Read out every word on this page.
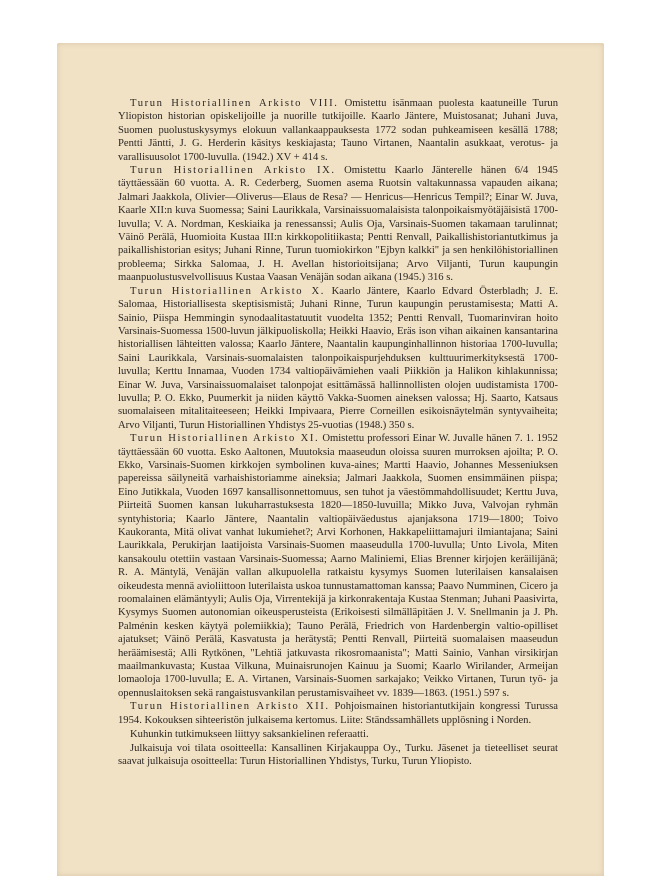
Turun Historiallinen Arkisto VIII. Omistettu isänmaan puolesta kaatuneille Turun Yliopiston historian opiskelijoille ja nuorille tutkijoille. Kaarlo Jäntere, Muistosanat; Juhani Juva, Suomen puolustuskysymys elokuun vallankaappauksesta 1772 sodan puhkeamiseen kesällä 1788; Pentti Jäntti, J. G. Herderin käsitys keskiajasta; Tauno Virtanen, Naantalin asukkaat, verotus- ja varallisuusolot 1700-luvulla. (1942.) XV + 414 s.

Turun Historiallinen Arkisto IX. Omistettu Kaarlo Jänterelle hänen 6/4 1945 täyttäessään 60 vuotta. A. R. Cederberg, Suomen asema Ruotsin valtakunnassa vapauden aikana; Jalmari Jaakkola, Olivier—Oliverus—Elaus de Resa? — Henricus—Henricus Tempil?; Einar W. Juva, Kaarle XII:n kuva Suomessa; Saini Laurikkala, Varsinaissuomalaisista talonpoikaismyötäjäisistä 1700-luvulla; V. A. Nordman, Keskiaika ja renessanssi; Aulis Oja, Varsinais-Suomen takamaan tarulinnat; Väinö Perälä, Huomioita Kustaa III:n kirkkopolitiikasta; Pentti Renvall, Paikallishistoriantutkimus ja paikallishistorian esitys; Juhani Rinne, Turun tuomiokirkon "Ejbyn kalkki" ja sen henkilöhistoriallinen probleema; Sirkka Salomaa, J. H. Avellan historioitsijana; Arvo Viljanti, Turun kaupungin maanpuolustusvelvollisuus Kustaa Vaasan Venäjän sodan aikana (1945.) 316 s.

Turun Historiallinen Arkisto X. Kaarlo Jäntere, Kaarlo Edvard Österbladh; J. E. Salomaa, Historiallisesta skeptisismistä; Juhani Rinne, Turun kaupungin perustamisesta; Matti A. Sainio, Piispa Hemmingin synodaalitastatuutit vuodelta 1352; Pentti Renvall, Tuomarinviran hoito Varsinais-Suomessa 1500-luvun jälkipuoliskolla; Heikki Haavio, Eräs ison vihan aikainen kansantarina historiallisen lähteitten valossa; Kaarlo Jäntere, Naantalin kaupunginhallinnon historiaa 1700-luvulla; Saini Laurikkala, Varsinais-suomalaisten talonpoikaispurjehduksen kulttuurimerkityksestä 1700-luvulla; Kerttu Innamaa, Vuoden 1734 valtiopäivämiehen vaali Piikkiön ja Halikon kihlakunnissa; Einar W. Juva, Varsinaissuomalaiset talonpojat esittämässä hallinnollisten olojen uudistamista 1700-luvulla; P. O. Ekko, Puumerkit ja niiden käyttö Vakka-Suomen aineksen valossa; Hj. Saarto, Katsaus suomalaiseen mitalitaiteeseen; Heikki Impivaara, Pierre Corneillen esikoisnäytelmän syntyvaiheita; Arvo Viljanti, Turun Historiallinen Yhdistys 25-vuotias (1948.) 350 s.

Turun Historiallinen Arkisto XI. Omistettu professori Einar W. Juvalle hänen 7. 1. 1952 täyttäessään 60 vuotta. Esko Aaltonen, Muutoksia maaseudun oloissa suuren murroksen ajoilta; P. O. Ekko, Varsinais-Suomen kirkkojen symbolinen kuva-aines; Martti Haavio, Johannes Messeniuksen papereissa säilyneitä varhaishistoriamme aineksia; Jalmari Jaakkola, Suomen ensimmäinen piispa; Eino Jutikkala, Vuoden 1697 kansallisonnettomuus, sen tuhot ja väestömmahdollisuudet; Kerttu Juva, Piirteitä Suomen kansan lukuharrastuksesta 1820—1850-luvuilla; Mikko Juva, Valvojan ryhmän syntyhistoria; Kaarlo Jäntere, Naantalin valtiopäiväedustus ajanjaksona 1719—1800; Toivo Kaukoranta, Mitä olivat vanhat lukumiehet?; Arvi Korhonen, Hakkapeliittamajuri ilmiantajana; Saini Laurikkala, Perukirjan laatijoista Varsinais-Suomen maaseudulla 1700-luvulla; Unto Livola, Miten kansakoulu otettiin vastaan Varsinais-Suomessa; Aarno Maliniemi, Elias Brenner kirjojen keräilijänä; R. A. Mäntylä, Venäjän vallan alkupuolella ratkaistu kysymys Suomen luterilaisen kansalaisen oikeudesta mennä avioliittoon luterilaista uskoa tunnustamattoman kanssa; Paavo Numminen, Cicero ja roomalainen elämäntyyli; Aulis Oja, Virrentekijä ja kirkonrakentaja Kustaa Stenman; Juhani Paasivirta, Kysymys Suomen autonomian oikeusperusteista (Erikoisesti silmälläpitäen J. V. Snellmanin ja J. Ph. Palménin kesken käytyä polemiikkia); Tauno Perälä, Friedrich von Hardenbergin valtio-opilliset ajatukset; Väinö Perälä, Kasvatusta ja herätystä; Pentti Renvall, Piirteitä suomalaisen maaseudun heräämisestä; Alli Rytkönen, "Lehtiä jatkuvasta rikosromaanista"; Matti Sainio, Vanhan virsikirjan maailmankuvasta; Kustaa Vilkuna, Muinaisrunojen Kainuu ja Suomi; Kaarlo Wirilander, Armeijan lomaoloja 1700-luvulla; E. A. Virtanen, Varsinais-Suomen sarkajako; Veikko Virtanen, Turun työ- ja opennuslaitoksen sekä rangaistusvankilan perustamisvaiheet vv. 1839—1863. (1951.) 597 s.

Turun Historiallinen Arkisto XII. Pohjoismainen historiantutkijain kongressi Turussa 1954. Kokouksen sihteeristön julkaisema kertomus. Liite: Ständssamhällets upplösning i Norden.

Kuhunkin tutkimukseen liittyy saksankielinen referaatti.

Julkaisuja voi tilata osoitteella: Kansallinen Kirjakauppa Oy., Turku. Jäsenet ja tieteelliset seurat saavat julkaisuja osoitteella: Turun Historiallinen Yhdistys, Turku, Turun Yliopisto.
